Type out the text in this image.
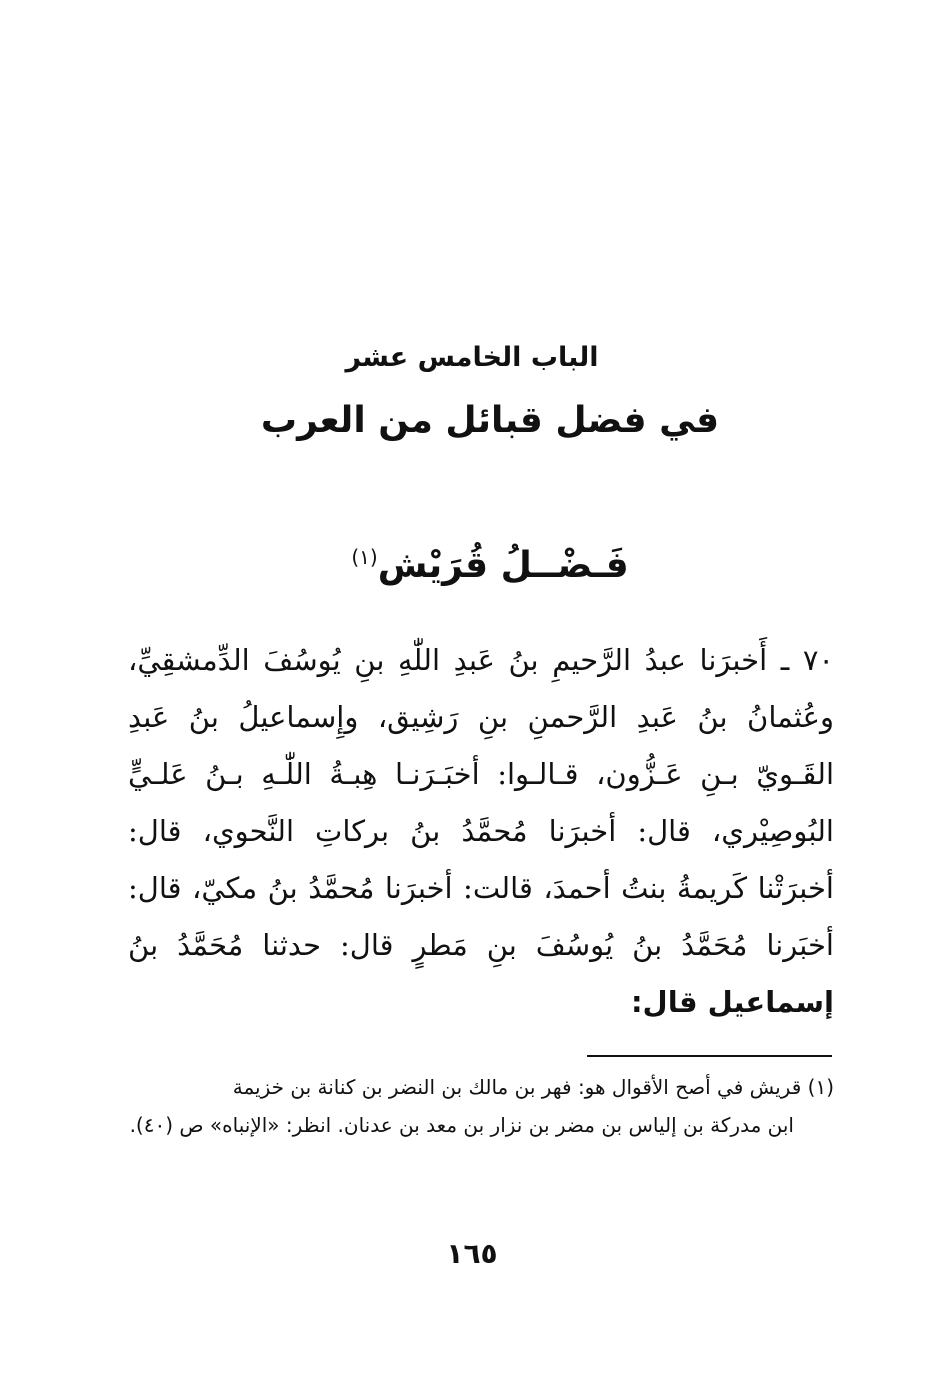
الباب الخامس عشر
في فضل قبائل من العرب
فَـضْــلُ قُرَيْش$^{(١)}$
٧٠ ـ أَخبرَنا عبدُ الرَّحيمِ بنُ عَبدِ اللّٰهِ بنِ يُوسُفَ الدِّمشقِيِّ، وعُثمانُ بنُ عَبدِ الرَّحمنِ بنِ رَشِيق، وإِسماعيلُ بنُ عَبدِ القَـويّ بـنِ عَـزُّون، قـالـوا: أخبَـرَنـا هِبـةُ اللّٰـهِ بـنُ عَلـيٍّ البُوصِيْري، قال: أخبرَنا مُحمَّدُ بنُ بركاتِ النَّحوي، قال: أخبرَتْنا كَريمةُ بنتُ أحمدَ، قالت: أخبرَنا مُحمَّدُ بنُ مكيّ، قال: أخبَرنا مُحَمَّدُ بنُ يُوسُفَ بنِ مَطرٍ قال: حدثنا مُحَمَّدُ بنُ إسماعيل قال:
(١) قريش في أصح الأقوال هو: فهر بن مالك بن النضر بن كنانة بن خزيمة
ابن مدركة بن إلياس بن مضر بن نزار بن معد بن عدنان. انظر: «الإنباه» ص (٤٠).
١٦٥
